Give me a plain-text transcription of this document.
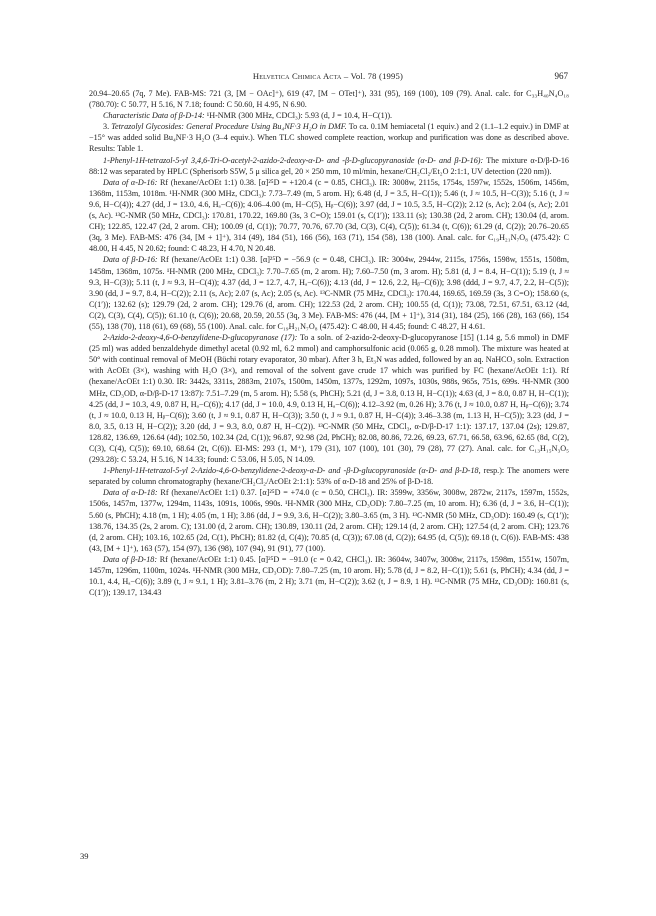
Helvetica Chimica Acta – Vol. 78 (1995)	967

20.94–20.65 (7q, 7 Me). FAB-MS: 721 (3, [M − OAc]⁺), 619 (47, [M − OTet]⁺), 331 (95), 169 (100), 109 (79). Anal. calc. for C₃₃H₄₀N₄O₁₈ (780.70): C 50.77, H 5.16, N 7.18; found: C 50.60, H 4.95, N 6.90.

Characteristic Data of β-D-14: ¹H-NMR (300 MHz, CDCl₃): 5.93 (d, J = 10.4, H−C(1)).

3. Tetrazolyl Glycosides: General Procedure Using Bu₄NF·3 H₂O in DMF. To ca. 0.1M hemiacetal (1 equiv.) and 2 (1.1–1.2 equiv.) in DMF at −15° was added solid Bu₄NF·3 H₂O (3–4 equiv.). When TLC showed complete reaction, workup and purification was done as described above. Results: Table 1.

1-Phenyl-1H-tetrazol-5-yl 3,4,6-Tri-O-acetyl-2-azido-2-deoxy-α-D- and -β-D-glucopyranoside (α-D- and β-D-16): The mixture α-D/β-D-16 88:12 was separated by HPLC (Spherisorb S5W, 5 μ silica gel, 20 × 250 mm, 10 ml/min, hexane/CH₂Cl₂/Et₂O 2:1:1, UV detection (220 nm)).

Data of α-D-16: Rf (hexane/AcOEt 1:1) 0.38. [α]²⁵D = +120.4 (c = 0.85, CHCl₃). IR: 3008w, 2115s, 1754s, 1597w, 1552s, 1506m, 1456m, 1368m, 1153m, 1018m. ¹H-NMR (300 MHz, CDCl₃): 7.73–7.49 (m, 5 arom. H); 6.48 (d, J = 3.5, H−C(1)); 5.46 (t, J ≈ 10.5, H−C(3)); 5.16 (t, J ≈ 9.6, H−C(4)); 4.27 (dd, J = 13.0, 4.6, Hₐ−C(6)); 4.06–4.00 (m, H−C(5), Hᵦ−C(6)); 3.97 (dd, J = 10.5, 3.5, H−C(2)); 2.12 (s, Ac); 2.04 (s, Ac); 2.01 (s, Ac). ¹³C-NMR (50 MHz, CDCl₃): 170.81, 170.22, 169.80 (3s, 3 C=O); 159.01 (s, C(1′)); 133.11 (s); 130.38 (2d, 2 arom. CH); 130.04 (d, arom. CH); 122.85, 122.47 (2d, 2 arom. CH); 100.09 (d, C(1)); 70.77, 70.76, 67.70 (3d, C(3), C(4), C(5)); 61.34 (t, C(6)); 61.29 (d, C(2)); 20.76–20.65 (3q, 3 Me). FAB-MS: 476 (34, [M + 1]⁺), 314 (49), 184 (51), 166 (56), 163 (71), 154 (58), 138 (100). Anal. calc. for C₁₉H₂₁N₇O₈ (475.42): C 48.00, H 4.45, N 20.62; found: C 48.23, H 4.70, N 20.48.

Data of β-D-16: Rf (hexane/AcOEt 1:1) 0.38. [α]²⁵D = −56.9 (c = 0.48, CHCl₃). IR: 3004w, 2944w, 2115s, 1756s, 1598w, 1551s, 1508m, 1458m, 1368m, 1075s. ¹H-NMR (200 MHz, CDCl₃): 7.70–7.65 (m, 2 arom. H); 7.60–7.50 (m, 3 arom. H); 5.81 (d, J = 8.4, H−C(1)); 5.19 (t, J ≈ 9.3, H−C(3)); 5.11 (t, J ≈ 9.3, H−C(4)); 4.37 (dd, J = 12.7, 4.7, Hₐ−C(6)); 4.13 (dd, J = 12.6, 2.2, Hᵦ−C(6)); 3.98 (ddd, J = 9.7, 4.7, 2.2, H−C(5)); 3.90 (dd, J = 9.7, 8.4, H−C(2)); 2.11 (s, Ac); 2.07 (s, Ac); 2.05 (s, Ac). ¹³C-NMR (75 MHz, CDCl₃): 170.44, 169.65, 169.59 (3s, 3 C=O); 158.60 (s, C(1′)); 132.62 (s); 129.79 (2d, 2 arom. CH); 129.76 (d, arom. CH); 122.53 (2d, 2 arom. CH); 100.55 (d, C(1)); 73.08, 72.51, 67.51, 63.12 (4d, C(2), C(3), C(4), C(5)); 61.10 (t, C(6)); 20.68, 20.59, 20.55 (3q, 3 Me). FAB-MS: 476 (44, [M + 1]⁺), 314 (31), 184 (25), 166 (28), 163 (66), 154 (55), 138 (70), 118 (61), 69 (68), 55 (100). Anal. calc. for C₁₉H₂₁N₇O₈ (475.42): C 48.00, H 4.45; found: C 48.27, H 4.61.

2-Azido-2-deoxy-4,6-O-benzylidene-D-glucopyranose (17): To a soln. of 2-azido-2-deoxy-D-glucopyranose [15] (1.14 g, 5.6 mmol) in DMF (25 ml) was added benzaldehyde dimethyl acetal (0.92 ml, 6.2 mmol) and camphorsulfonic acid (0.065 g, 0.28 mmol). The mixture was heated at 50° with continual removal of MeOH (Büchi rotary evaporator, 30 mbar). After 3 h, Et₃N was added, followed by an aq. NaHCO₃ soln. Extraction with AcOEt (3×), washing with H₂O (3×), and removal of the solvent gave crude 17 which was purified by FC (hexane/AcOEt 1:1). Rf (hexane/AcOEt 1:1) 0.30. IR: 3442s, 3311s, 2883m, 2107s, 1500m, 1450m, 1377s, 1292m, 1097s, 1030s, 988s, 965s, 751s, 699s. ¹H-NMR (300 MHz, CD₃OD, α-D/β-D-17 13:87): 7.51–7.29 (m, 5 arom. H); 5.58 (s, PhCH); 5.21 (d, J = 3.8, 0.13 H, H−C(1)); 4.63 (d, J = 8.0, 0.87 H, H−C(1)); 4.25 (dd, J = 10.3, 4.9, 0.87 H, Hₐ−C(6)); 4.17 (dd, J = 10.0, 4.9, 0.13 H, Hₐ−C(6)); 4.12–3.92 (m, 0.26 H); 3.76 (t, J ≈ 10.0, 0.87 H, Hᵦ−C(6)); 3.74 (t, J ≈ 10.0, 0.13 H, Hᵦ−C(6)); 3.60 (t, J ≈ 9.1, 0.87 H, H−C(3)); 3.50 (t, J ≈ 9.1, 0.87 H, H−C(4)); 3.46–3.38 (m, 1.13 H, H−C(5)); 3.23 (dd, J = 8.0, 3.5, 0.13 H, H−C(2)); 3.20 (dd, J = 9.3, 8.0, 0.87 H, H−C(2)). ¹³C-NMR (50 MHz, CDCl₃, α-D/β-D-17 1:1): 137.17, 137.04 (2s); 129.87, 128.82, 136.69, 126.64 (4d); 102.50, 102.34 (2d, C(1)); 96.87, 92.98 (2d, PhCH); 82.08, 80.86, 72.26, 69.23, 67.71, 66.58, 63.96, 62.65 (8d, C(2), C(3), C(4), C(5)); 69.10, 68.64 (2t, C(6)). EI-MS: 293 (1, M⁺), 179 (31), 107 (100), 101 (30), 79 (28), 77 (27). Anal. calc. for C₁₃H₁₅N₃O₅ (293.28): C 53.24, H 5.16, N 14.33; found: C 53.06, H 5.05, N 14.09.

1-Phenyl-1H-tetrazol-5-yl 2-Azido-4,6-O-benzylidene-2-deoxy-α-D- and -β-D-glucopyranoside (α-D- and β-D-18, resp.): The anomers were separated by column chromatography (hexane/CH₂Cl₂/AcOEt 2:1:1): 53% of α-D-18 and 25% of β-D-18.

Data of α-D-18: Rf (hexane/AcOEt 1:1) 0.37. [α]²⁵D = +74.0 (c = 0.50, CHCl₃). IR: 3599w, 3356w, 3008w, 2872w, 2117s, 1597m, 1552s, 1506s, 1457m, 1377w, 1294m, 1143s, 1091s, 1006s, 990s. ¹H-NMR (300 MHz, CD₃OD): 7.80–7.25 (m, 10 arom. H); 6.36 (d, J = 3.6, H−C(1)); 5.60 (s, PhCH); 4.18 (m, 1 H); 4.05 (m, 1 H); 3.86 (dd, J = 9.9, 3.6, H−C(2)); 3.80–3.65 (m, 3 H). ¹³C-NMR (50 MHz, CD₃OD): 160.49 (s, C(1′)); 138.76, 134.35 (2s, 2 arom. C); 131.00 (d, 2 arom. CH); 130.89, 130.11 (2d, 2 arom. CH); 129.14 (d, 2 arom. CH); 127.54 (d, 2 arom. CH); 123.76 (d, 2 arom. CH); 103.16, 102.65 (2d, C(1), PhCH); 81.82 (d, C(4)); 70.85 (d, C(3)); 67.08 (d, C(2)); 64.95 (d, C(5)); 69.18 (t, C(6)). FAB-MS: 438 (43, [M + 1]⁺), 163 (57), 154 (97), 136 (98), 107 (94), 91 (91), 77 (100).

Data of β-D-18: Rf (hexane/AcOEt 1:1) 0.45. [α]²⁵D = −91.0 (c = 0.42, CHCl₃). IR: 3604w, 3407w, 3008w, 2117s, 1598m, 1551w, 1507m, 1457m, 1296m, 1100m, 1024s. ¹H-NMR (300 MHz, CD₃OD): 7.80–7.25 (m, 10 arom. H); 5.78 (d, J = 8.2, H−C(1)); 5.61 (s, PhCH); 4.34 (dd, J = 10.1, 4.4, Hₐ−C(6)); 3.89 (t, J ≈ 9.1, 1 H); 3.81–3.76 (m, 2 H); 3.71 (m, H−C(2)); 3.62 (t, J = 8.9, 1 H). ¹³C-NMR (75 MHz, CD₃OD): 160.81 (s, C(1′)); 139.17, 134.43

39
